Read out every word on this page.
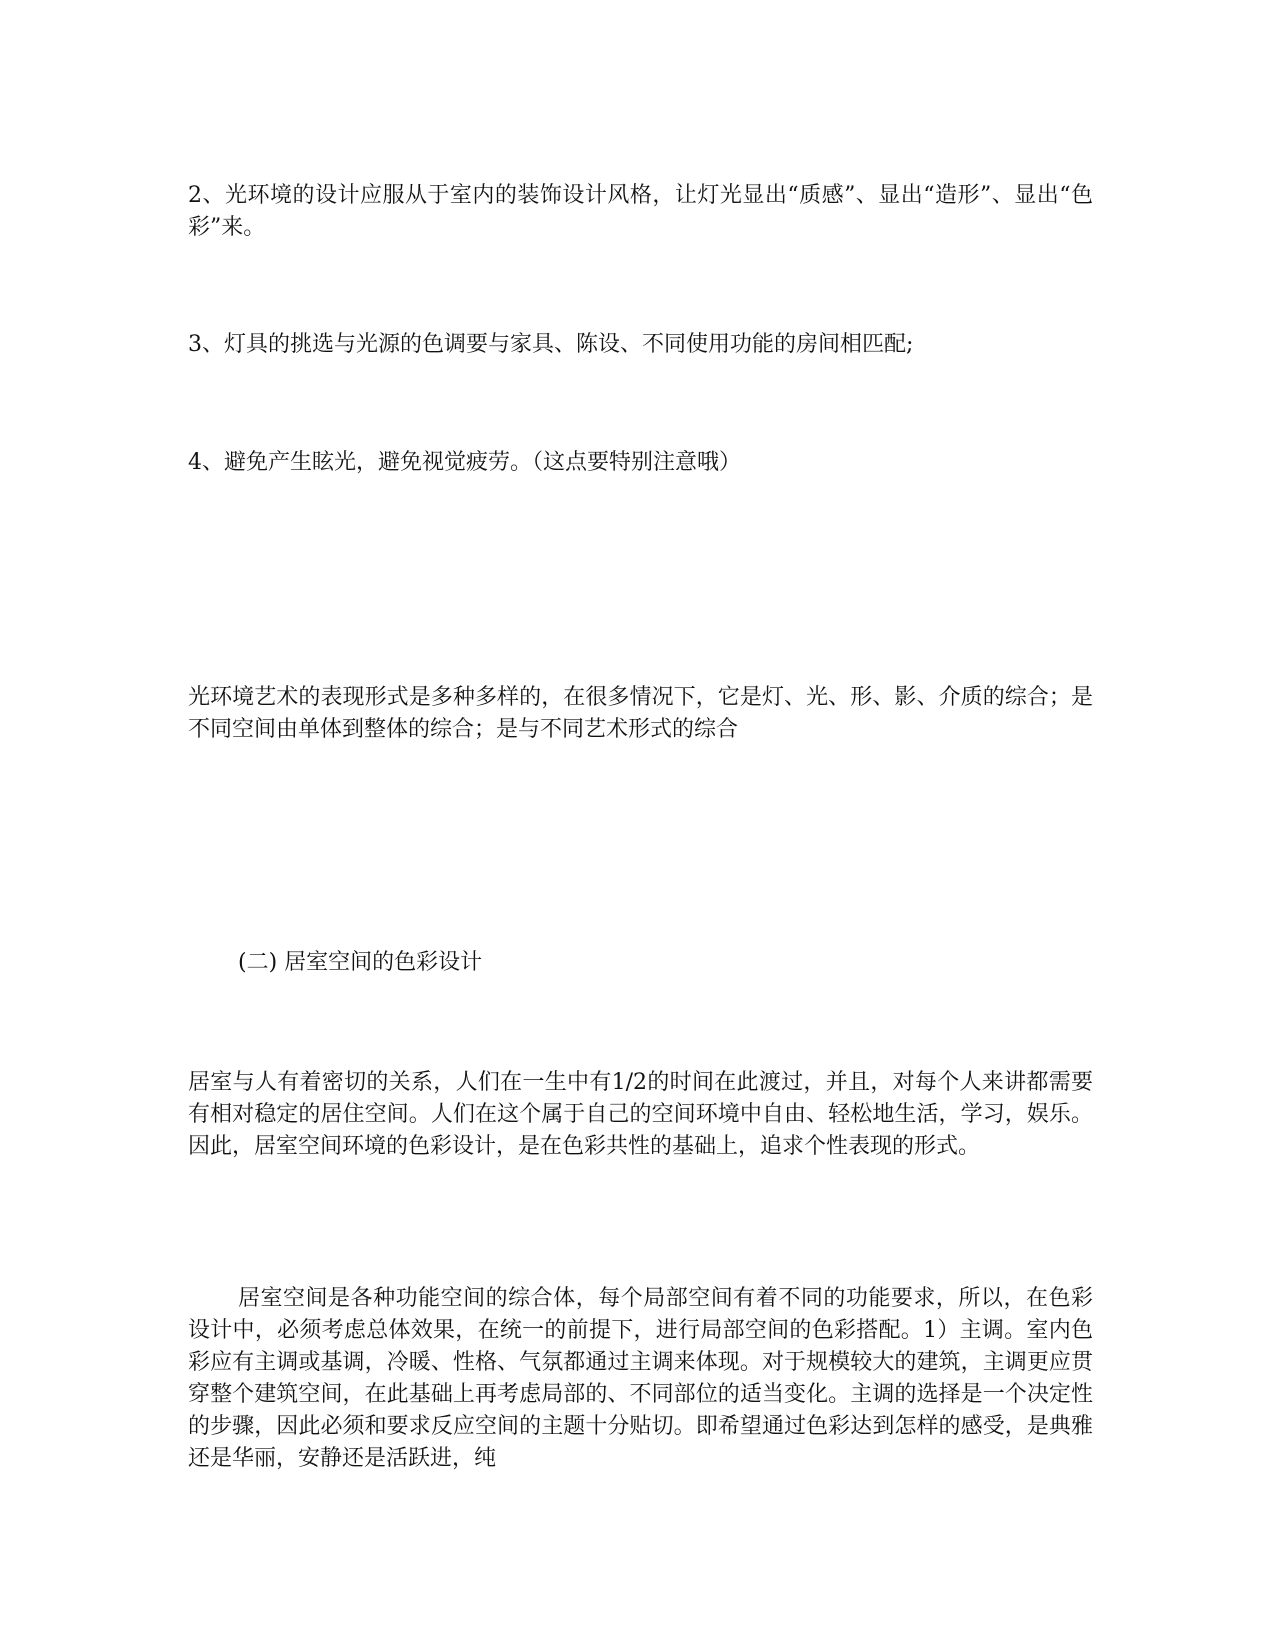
2、光环境的设计应服从于室内的装饰设计风格，让灯光显出“质感”、显出“造形”、显出“色彩”来。

3、灯具的挑选与光源的色调要与家具、陈设、不同使用功能的房间相匹配;

4、避免产生眩光，避免视觉疲劳。（这点要特别注意哦）

光环境艺术的表现形式是多种多样的，在很多情况下，它是灯、光、形、影、介质的综合；是不同空间由单体到整体的综合；是与不同艺术形式的综合

(二) 居室空间的色彩设计

居室与人有着密切的关系，人们在一生中有1/2的时间在此渡过，并且，对每个人来讲都需要有相对稳定的居住空间。人们在这个属于自己的空间环境中自由、轻松地生活，学习，娱乐。因此，居室空间环境的色彩设计，是在色彩共性的基础上，追求个性表现的形式。

居室空间是各种功能空间的综合体，每个局部空间有着不同的功能要求，所以，在色彩设计中，必须考虑总体效果，在统一的前提下，进行局部空间的色彩搭配。1）主调。室内色彩应有主调或基调，冷暖、性格、气氛都通过主调来体现。对于规模较大的建筑，主调更应贯穿整个建筑空间，在此基础上再考虑局部的、不同部位的适当变化。主调的选择是一个决定性的步骤，因此必须和要求反应空间的主题十分贴切。即希望通过色彩达到怎样的感受，是典雅还是华丽，安静还是活跃进，纯
